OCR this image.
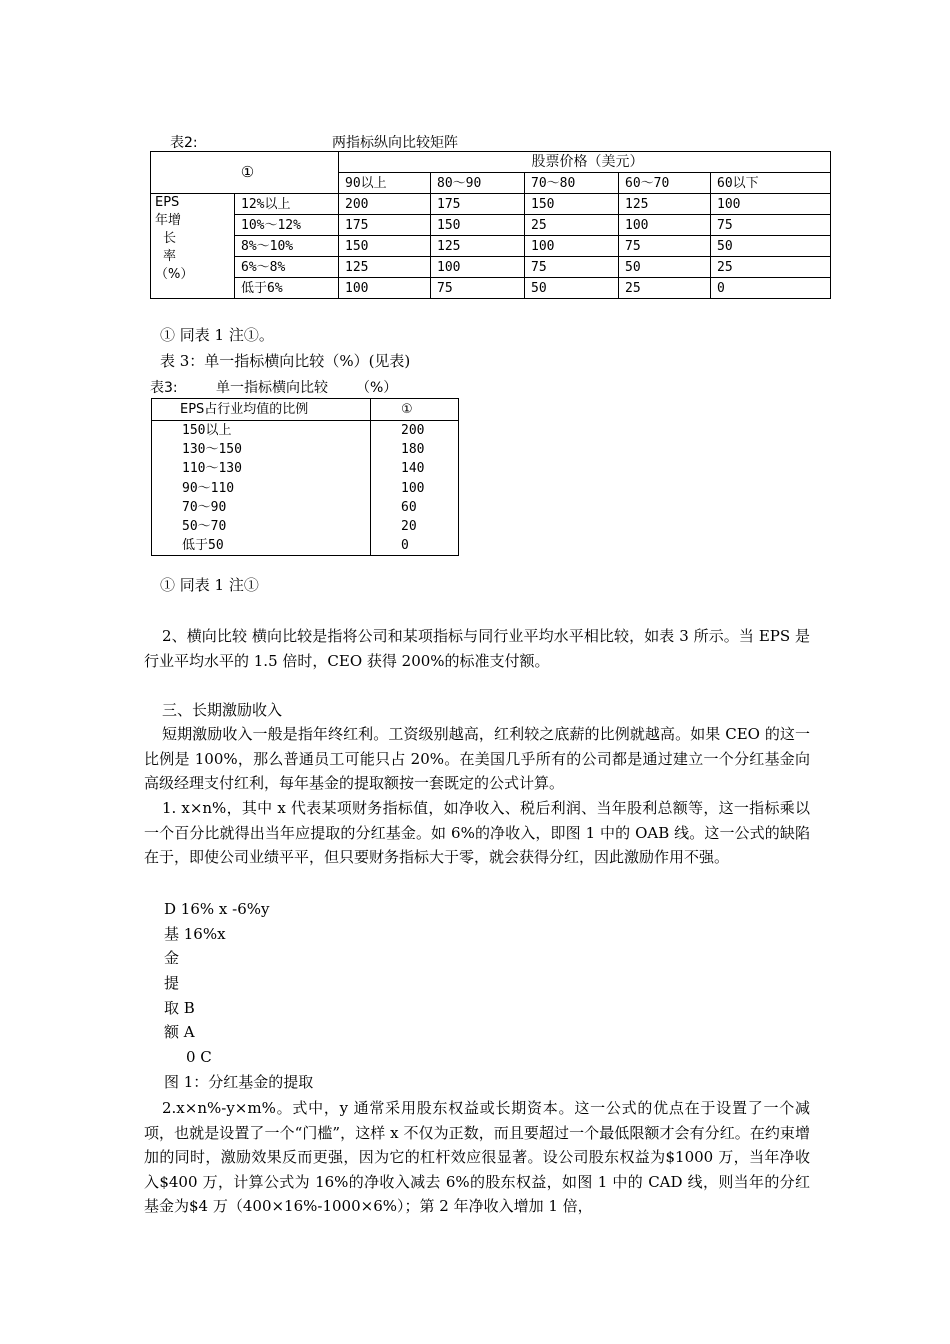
表2:	两指标纵向比较矩阵
①		股票价格（美元）				
		90以上	80～90	70～80	60～70	60以下

EPS
年增
长
率
（%）	12%以上	200	175	150	125	100
	10%～12%	175	150	25	100	75
	8%～10%	150	125	100	75	50
	6%～8%	125	100	75	50	25
	低于6%	100	75	50	25	0
① 同表 1 注①。
表 3：单一指标横向比较（%）(见表)
表3:	单一指标横向比较 （%）
EPS占行业均值的比例	①
150以上	200
130～150	180
110～130	140
90～110	100
70～90	60
50～70	20
低于50	0
① 同表 1 注①
2、横向比较 横向比较是指将公司和某项指标与同行业平均水平相比较，如表 3 所示。当 EPS 是行业平均水平的 1.5 倍时，CEO 获得 200%的标准支付额。
三、长期激励收入
短期激励收入一般是指年终红利。工资级别越高，红利较之底薪的比例就越高。如果 CEO 的这一比例是 100%，那么普通员工可能只占 20%。在美国几乎所有的公司都是通过建立一个分红基金向高级经理支付红利，每年基金的提取额按一套既定的公式计算。
1. x×n%，其中 x 代表某项财务指标值，如净收入、税后利润、当年股利总额等，这一指标乘以一个百分比就得出当年应提取的分红基金。如 6%的净收入，即图 1 中的 OAB 线。这一公式的缺陷在于，即使公司业绩平平，但只要财务指标大于零，就会获得分红，因此激励作用不强。
D 16% x -6%y
基 16%x
金
提
取 B
额 A
0 C
图 1：分红基金的提取
2.x×n%-y×m%。式中，y 通常采用股东权益或长期资本。这一公式的优点在于设置了一个减项，也就是设置了一个“门槛”，这样 x 不仅为正数，而且要超过一个最低限额才会有分红。在约束增加的同时，激励效果反而更强，因为它的杠杆效应很显著。设公司股东权益为$1000 万，当年净收入$400 万，计算公式为 16%的净收入减去 6%的股东权益，如图 1 中的 CAD 线，则当年的分红基金为$4 万（400×16%-1000×6%）；第 2 年净收入增加 1 倍，
